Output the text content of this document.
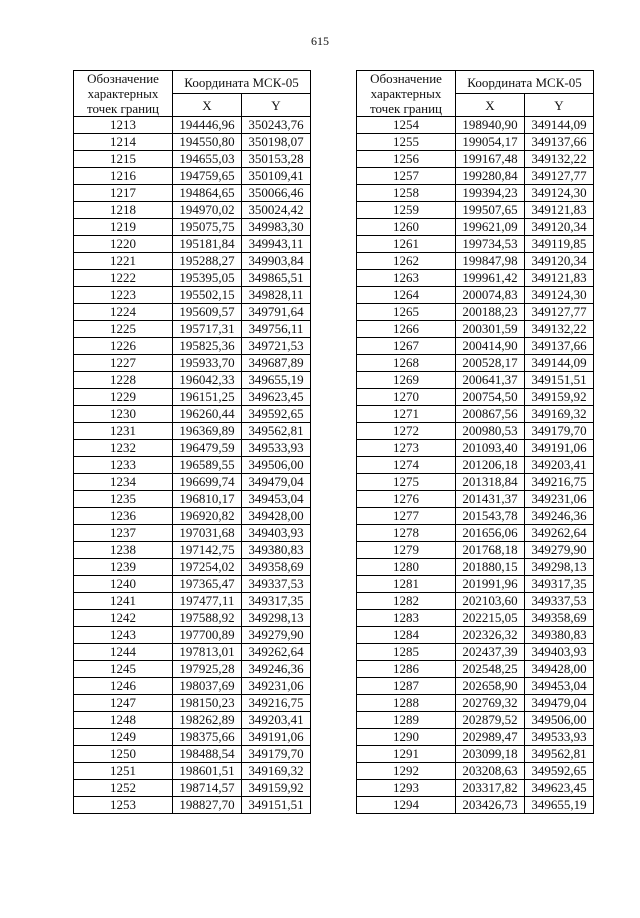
615
Обозначение характерных точек границ	Координата МСК-05	
	X	Y
1213	194446,96	350243,76
1214	194550,80	350198,07
1215	194655,03	350153,28
1216	194759,65	350109,41
1217	194864,65	350066,46
1218	194970,02	350024,42
1219	195075,75	349983,30
1220	195181,84	349943,11
1221	195288,27	349903,84
1222	195395,05	349865,51
1223	195502,15	349828,11
1224	195609,57	349791,64
1225	195717,31	349756,11
1226	195825,36	349721,53
1227	195933,70	349687,89
1228	196042,33	349655,19
1229	196151,25	349623,45
1230	196260,44	349592,65
1231	196369,89	349562,81
1232	196479,59	349533,93
1233	196589,55	349506,00
1234	196699,74	349479,04
1235	196810,17	349453,04
1236	196920,82	349428,00
1237	197031,68	349403,93
1238	197142,75	349380,83
1239	197254,02	349358,69
1240	197365,47	349337,53
1241	197477,11	349317,35
1242	197588,92	349298,13
1243	197700,89	349279,90
1244	197813,01	349262,64
1245	197925,28	349246,36
1246	198037,69	349231,06
1247	198150,23	349216,75
1248	198262,89	349203,41
1249	198375,66	349191,06
1250	198488,54	349179,70
1251	198601,51	349169,32
1252	198714,57	349159,92
1253	198827,70	349151,51
Обозначение характерных точек границ	Координата МСК-05	
	X	Y
1254	198940,90	349144,09
1255	199054,17	349137,66
1256	199167,48	349132,22
1257	199280,84	349127,77
1258	199394,23	349124,30
1259	199507,65	349121,83
1260	199621,09	349120,34
1261	199734,53	349119,85
1262	199847,98	349120,34
1263	199961,42	349121,83
1264	200074,83	349124,30
1265	200188,23	349127,77
1266	200301,59	349132,22
1267	200414,90	349137,66
1268	200528,17	349144,09
1269	200641,37	349151,51
1270	200754,50	349159,92
1271	200867,56	349169,32
1272	200980,53	349179,70
1273	201093,40	349191,06
1274	201206,18	349203,41
1275	201318,84	349216,75
1276	201431,37	349231,06
1277	201543,78	349246,36
1278	201656,06	349262,64
1279	201768,18	349279,90
1280	201880,15	349298,13
1281	201991,96	349317,35
1282	202103,60	349337,53
1283	202215,05	349358,69
1284	202326,32	349380,83
1285	202437,39	349403,93
1286	202548,25	349428,00
1287	202658,90	349453,04
1288	202769,32	349479,04
1289	202879,52	349506,00
1290	202989,47	349533,93
1291	203099,18	349562,81
1292	203208,63	349592,65
1293	203317,82	349623,45
1294	203426,73	349655,19
